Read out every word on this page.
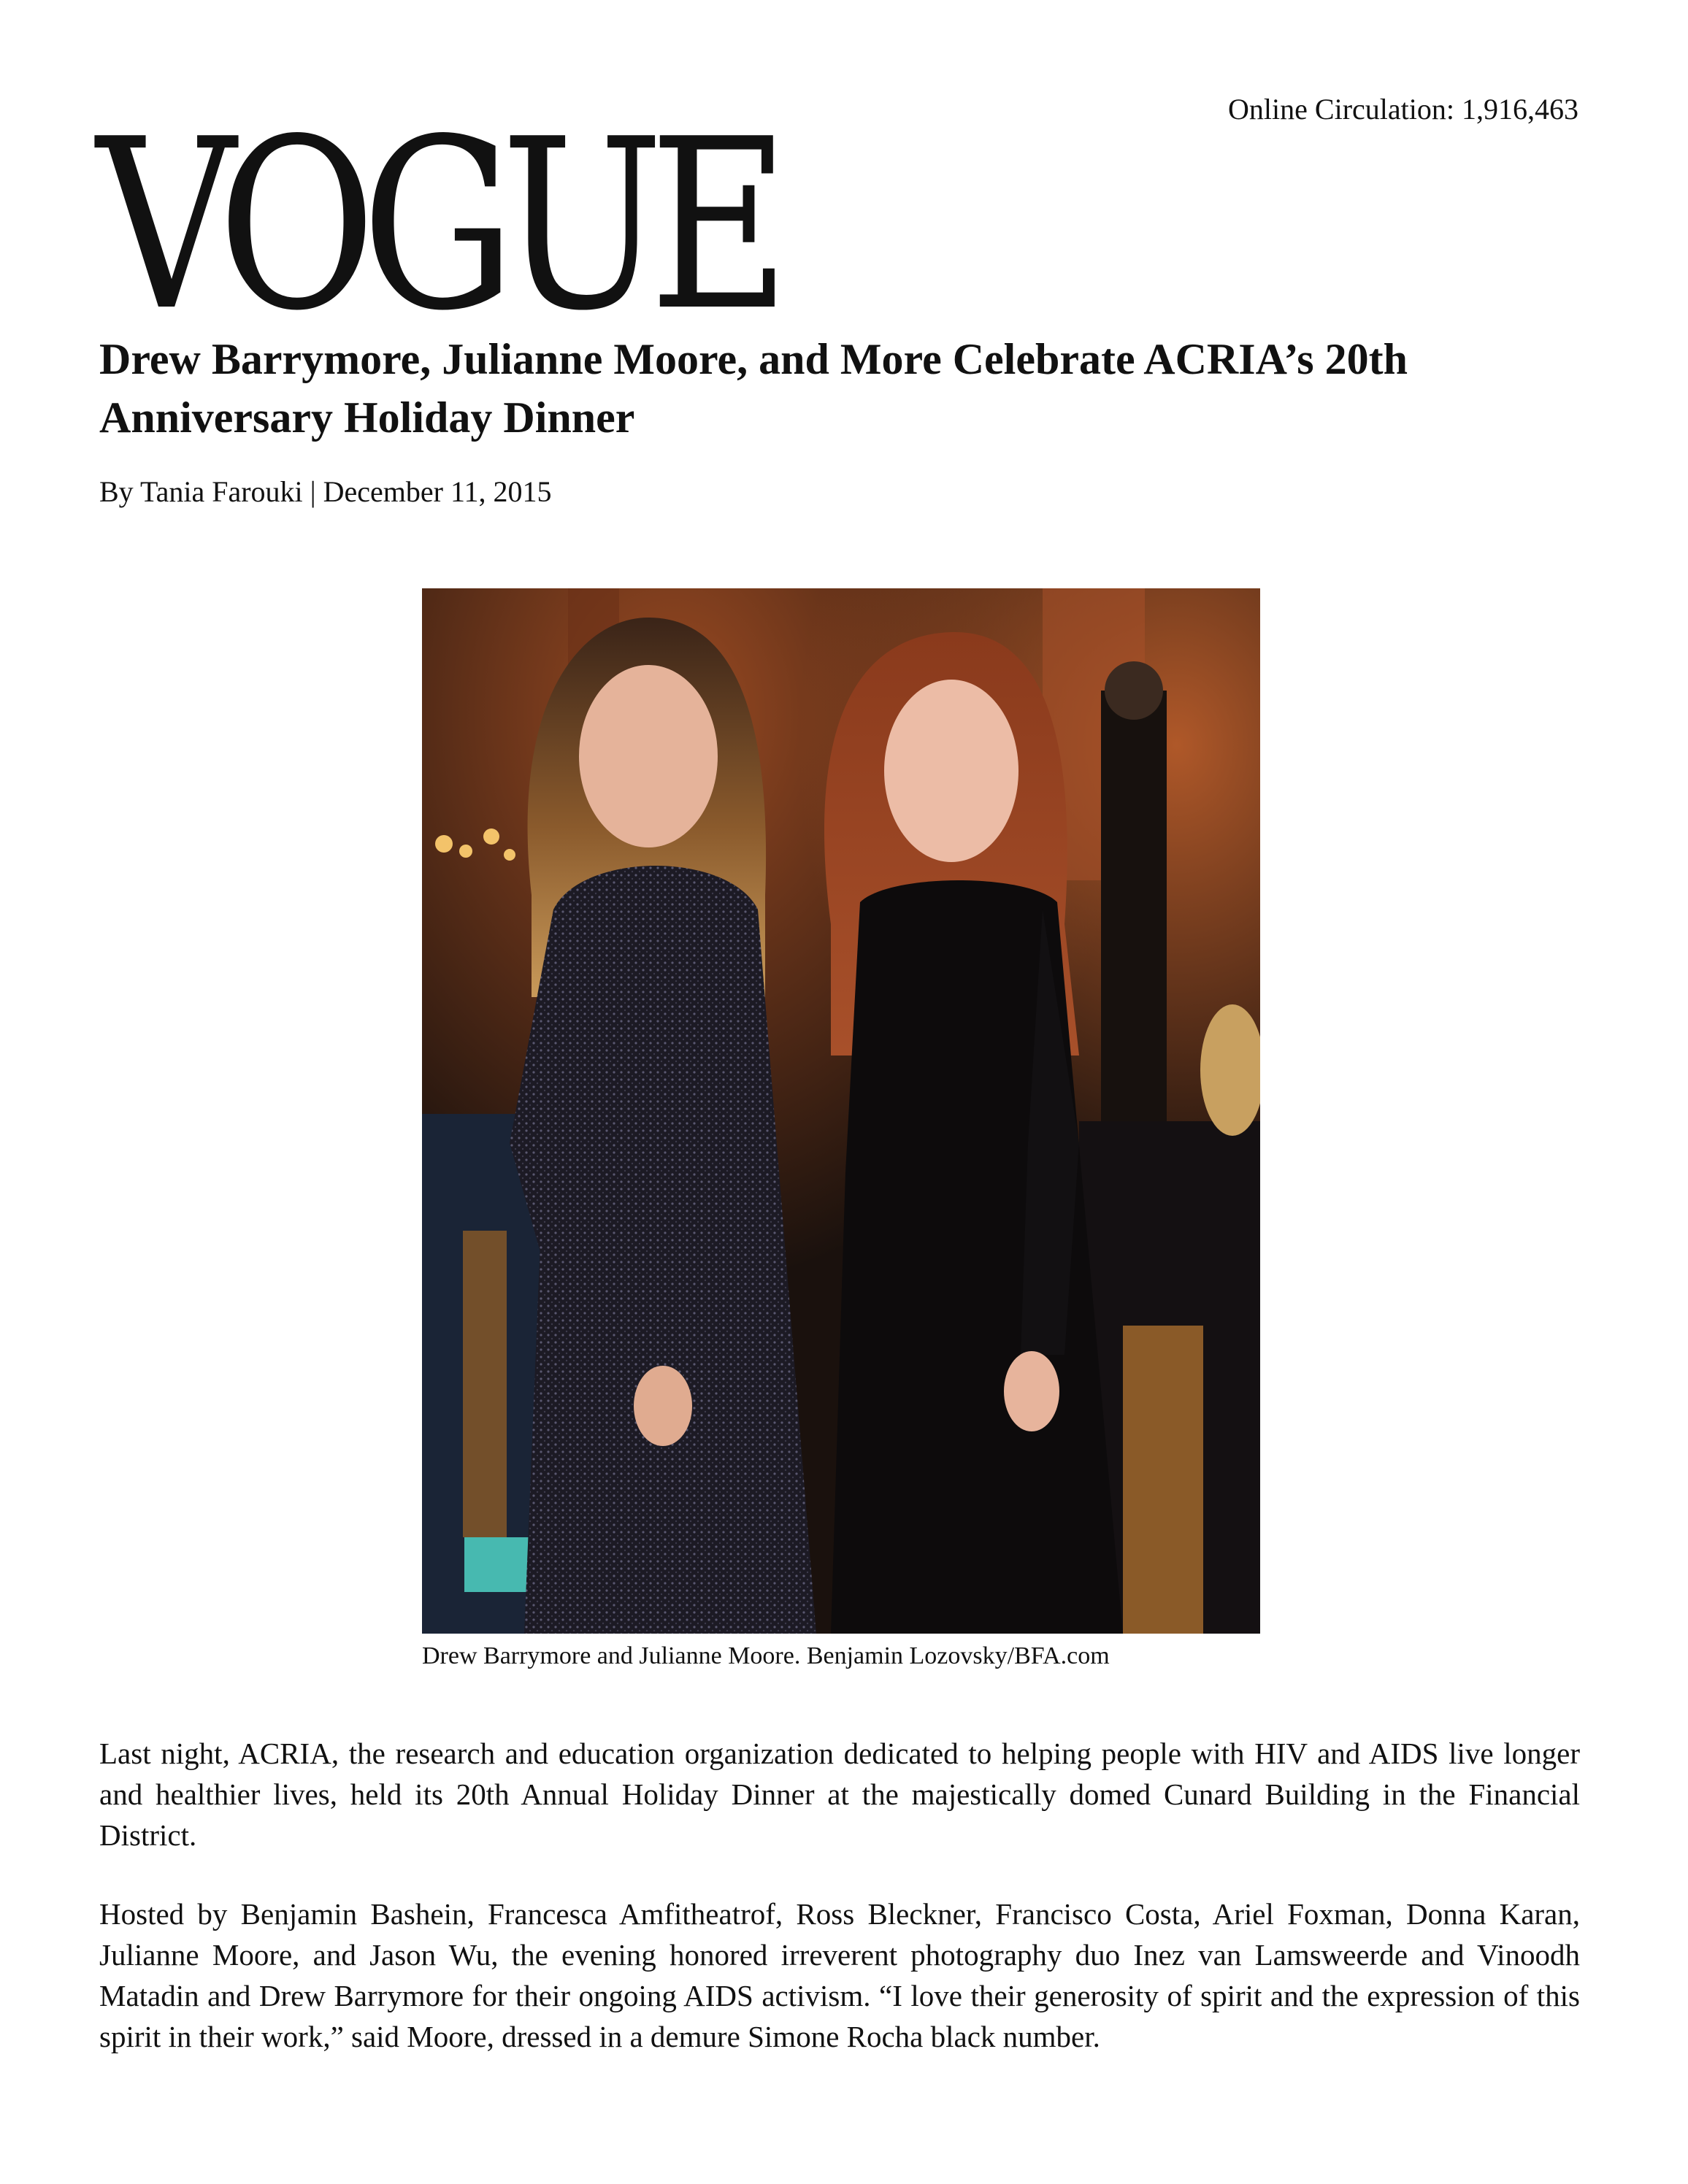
Online Circulation: 1,916,463
VOGUE
Drew Barrymore, Julianne Moore, and More Celebrate ACRIA’s 20th Anniversary Holiday Dinner
By Tania Farouki | December 11, 2015
Drew Barrymore and Julianne Moore. Benjamin Lozovsky/BFA.com

Last night, ACRIA, the research and education organization dedicated to helping people with HIV and AIDS live longer and healthier lives, held its 20th Annual Holiday Dinner at the majestically domed Cunard Building in the Financial District.

Hosted by Benjamin Bashein, Francesca Amfitheatrof, Ross Bleckner, Francisco Costa, Ariel Foxman, Donna Karan, Julianne Moore, and Jason Wu, the evening honored irreverent photography duo Inez van Lamsweerde and Vinoodh Matadin and Drew Barrymore for their ongoing AIDS activism. “I love their generosity of spirit and the expression of this spirit in their work,” said Moore, dressed in a demure Simone Rocha black number.
